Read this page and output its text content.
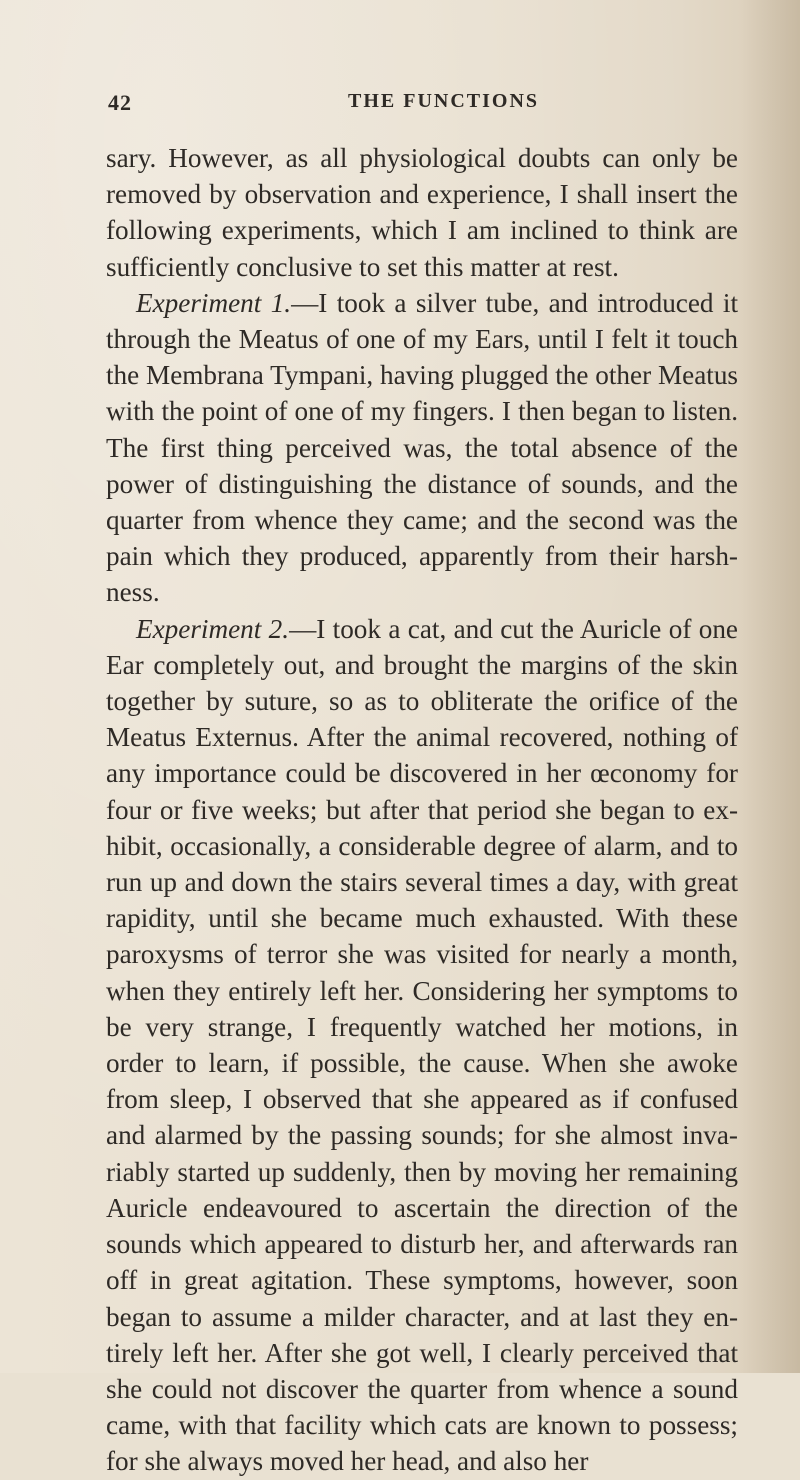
42	THE FUNCTIONS

sary. However, as all physiological doubts can only be removed by observation and experience, I shall insert the following experiments, which I am inclined to think are sufficiently conclusive to set this matter at rest.

Experiment 1.—I took a silver tube, and introduced it through the Meatus of one of my Ears, until I felt it touch the Membrana Tympani, having plugged the other Meatus with the point of one of my fingers. I then began to listen. The first thing perceived was, the total absence of the power of distinguishing the distance of sounds, and the quarter from whence they came; and the second was the pain which they produced, apparently from their harsh-ness.

Experiment 2.—I took a cat, and cut the Auricle of one Ear completely out, and brought the margins of the skin together by suture, so as to obliterate the orifice of the Meatus Externus. After the animal recovered, nothing of any importance could be discovered in her œconomy for four or five weeks; but after that period she began to ex-hibit, occasionally, a considerable degree of alarm, and to run up and down the stairs several times a day, with great rapidity, until she became much exhausted. With these paroxysms of terror she was visited for nearly a month, when they entirely left her. Considering her symptoms to be very strange, I frequently watched her motions, in order to learn, if possible, the cause. When she awoke from sleep, I observed that she appeared as if confused and alarmed by the passing sounds; for she almost inva-riably started up suddenly, then by moving her remaining Auricle endeavoured to ascertain the direction of the sounds which appeared to disturb her, and afterwards ran off in great agitation. These symptoms, however, soon began to assume a milder character, and at last they en-tirely left her. After she got well, I clearly perceived that she could not discover the quarter from whence a sound came, with that facility which cats are known to possess; for she always moved her head, and also her
